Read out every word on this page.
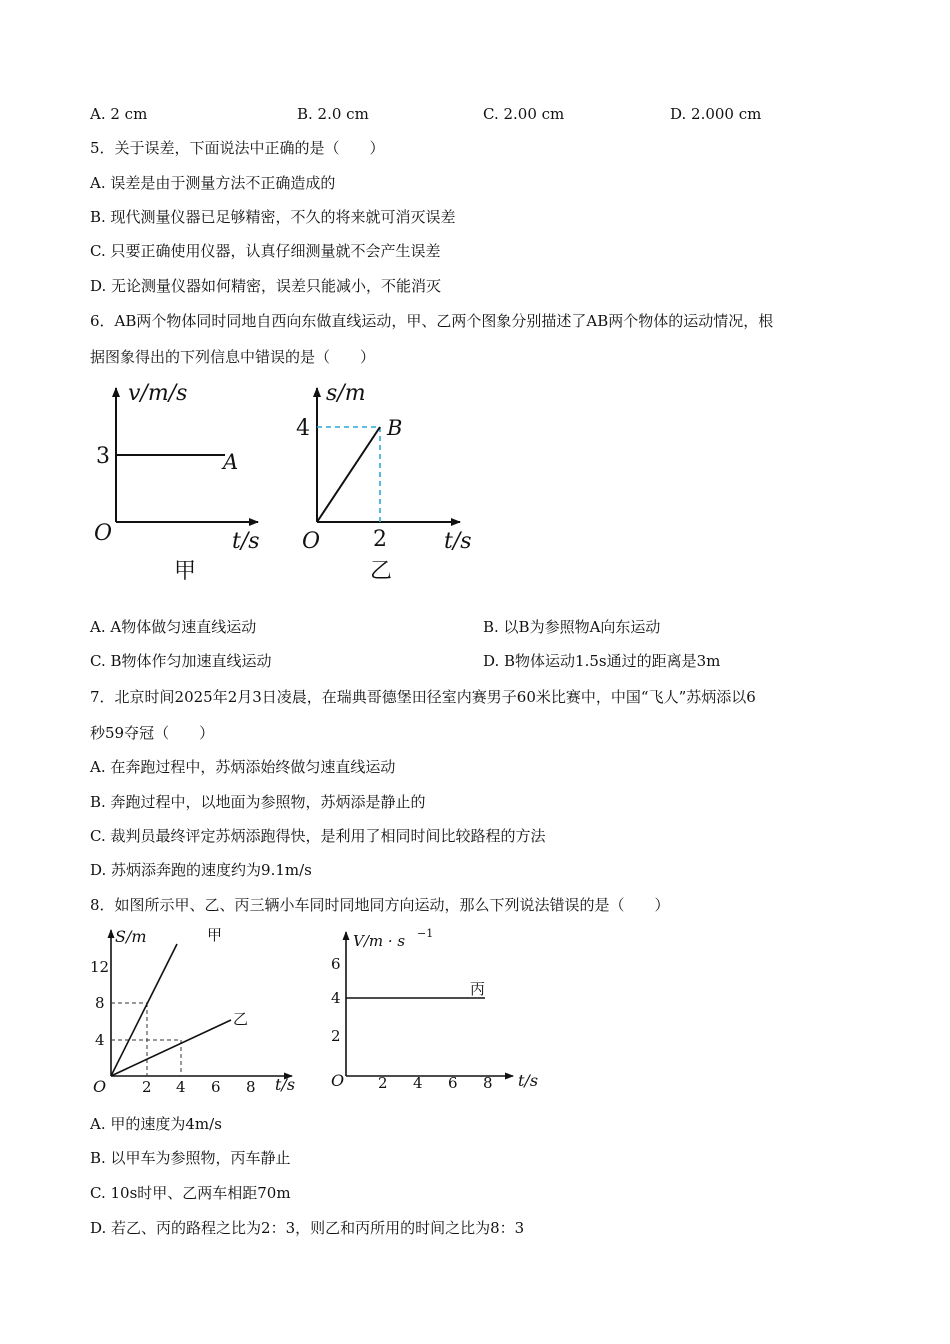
A. 2 cm	B. 2.0 cm	C. 2.00 cm	D. 2.000 cm
5．关于误差，下面说法中正确的是（　　）
A. 误差是由于测量方法不正确造成的
B. 现代测量仪器已足够精密，不久的将来就可消灭误差
C. 只要正确使用仪器，认真仔细测量就不会产生误差
D. 无论测量仪器如何精密，误差只能减小，不能消灭
6．AB两个物体同时同地自西向东做直线运动，甲、乙两个图象分别描述了AB两个物体的运动情况，根
据图象得出的下列信息中错误的是（　　）
v/m/s
t/s
O
3	A
甲
s/m
t/s
O
4
2
B
乙
A. A物体做匀速直线运动	B. 以B为参照物A向东运动
C. B物体作匀加速直线运动	D. B物体运动1.5s通过的距离是3m
7．北京时间2025年2月3日凌晨，在瑞典哥德堡田径室内赛男子60米比赛中，中国“飞人”苏炳添以6
秒59夺冠（　　）
A. 在奔跑过程中，苏炳添始终做匀速直线运动
B. 奔跑过程中，以地面为参照物，苏炳添是静止的
C. 裁判员最终评定苏炳添跑得快，是利用了相同时间比较路程的方法
D. 苏炳添奔跑的速度约为9.1m/s
8．如图所示甲、乙、丙三辆小车同时同地同方向运动，那么下列说法错误的是（　　）
S/m	甲
乙
12
8
4
O 2 4 6 8 t/s
V/m · s −1
丙
6
4
2
O 2 4 6 8 t/s
A. 甲的速度为4m/s
B. 以甲车为参照物，丙车静止
C. 10s时甲、乙两车相距70m
D. 若乙、丙的路程之比为2：3，则乙和丙所用的时间之比为8：3
